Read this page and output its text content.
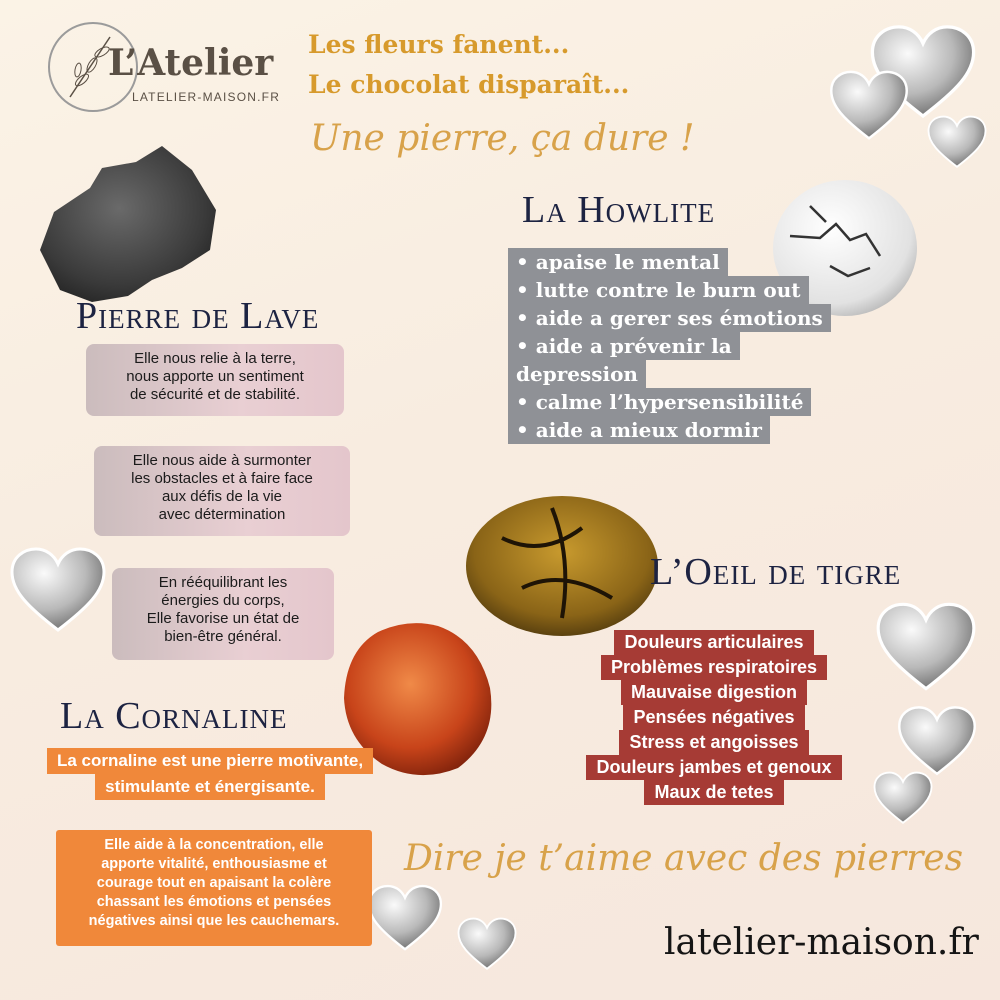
L’Atelier
LATELIER-MAISON.FR
Les fleurs fanent...
Le chocolat disparaît...
Une pierre, ça dure !
La Howlite
• apaise le mental
• lutte contre le burn out
• aide a gerer ses émotions
• aide a prévenir la
depression
• calme l’hypersensibilité
• aide a mieux dormir
Pierre de Lave
Elle nous relie à la terre,
nous apporte un sentiment
de sécurité et de stabilité.
Elle nous aide à surmonter
les obstacles et à faire face
aux défis de la vie
avec détermination
En rééquilibrant les
énergies du corps,
Elle favorise un état de
bien-être général.
L’Oeil de tigre
Douleurs articulaires
Problèmes respiratoires
Mauvaise digestion
Pensées négatives
Stress et angoisses
Douleurs jambes et genoux
Maux de tetes
La Cornaline
La cornaline est une pierre motivante,
stimulante et énergisante.
Elle aide à la concentration, elle
apporte vitalité, enthousiasme et
courage tout en apaisant la colère
chassant les émotions et pensées
négatives ainsi que les cauchemars.
Dire je t’aime avec des pierres
latelier-maison.fr
